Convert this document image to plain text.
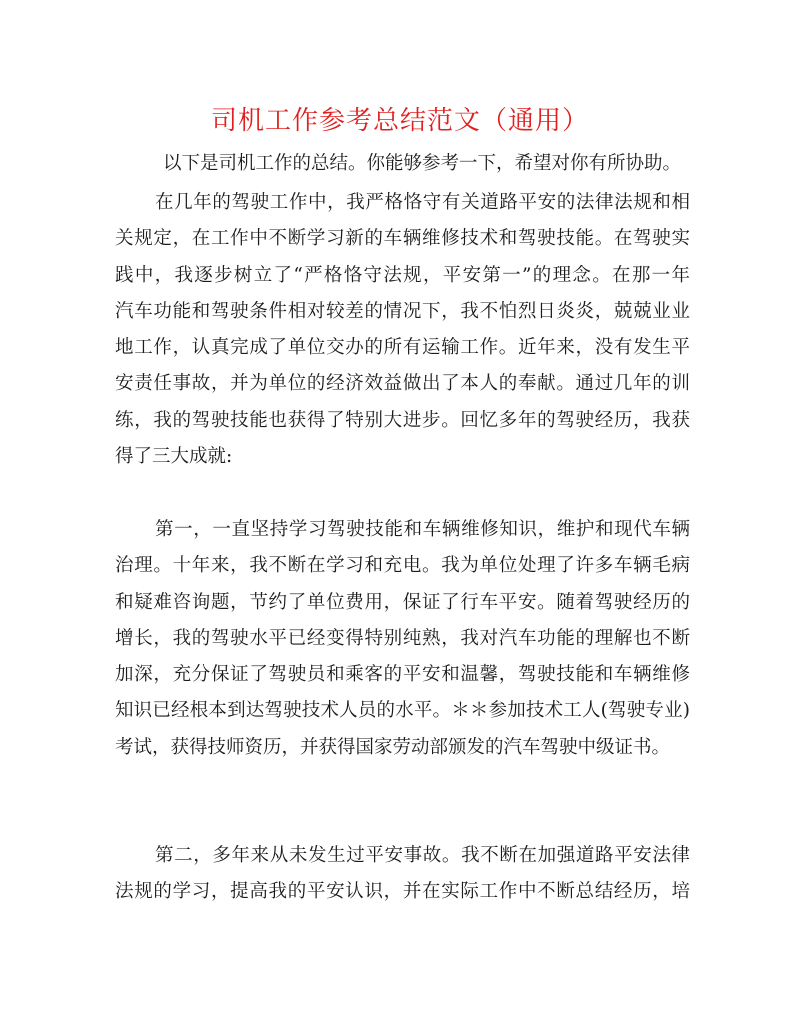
司机工作参考总结范文（通用）

以下是司机工作的总结。你能够参考一下，希望对你有所协助。

在几年的驾驶工作中，我严格恪守有关道路平安的法律法规和相
关规定，在工作中不断学习新的车辆维修技术和驾驶技能。在驾驶实
践中，我逐步树立了“严格恪守法规，平安第一”的理念。在那一年
汽车功能和驾驶条件相对较差的情况下，我不怕烈日炎炎，兢兢业业
地工作，认真完成了单位交办的所有运输工作。近年来，没有发生平
安责任事故，并为单位的经济效益做出了本人的奉献。通过几年的训
练，我的驾驶技能也获得了特别大进步。回忆多年的驾驶经历，我获
得了三大成就:
第一，一直坚持学习驾驶技能和车辆维修知识，维护和现代车辆
治理。十年来，我不断在学习和充电。我为单位处理了许多车辆毛病
和疑难咨询题，节约了单位费用，保证了行车平安。随着驾驶经历的
增长，我的驾驶水平已经变得特别纯熟，我对汽车功能的理解也不断
加深，充分保证了驾驶员和乘客的平安和温馨，驾驶技能和车辆维修
知识已经根本到达驾驶技术人员的水平。＊＊参加技术工人(驾驶专业)
考试，获得技师资历，并获得国家劳动部颁发的汽车驾驶中级证书。
第二，多年来从未发生过平安事故。我不断在加强道路平安法律
法规的学习，提高我的平安认识，并在实际工作中不断总结经历，培
